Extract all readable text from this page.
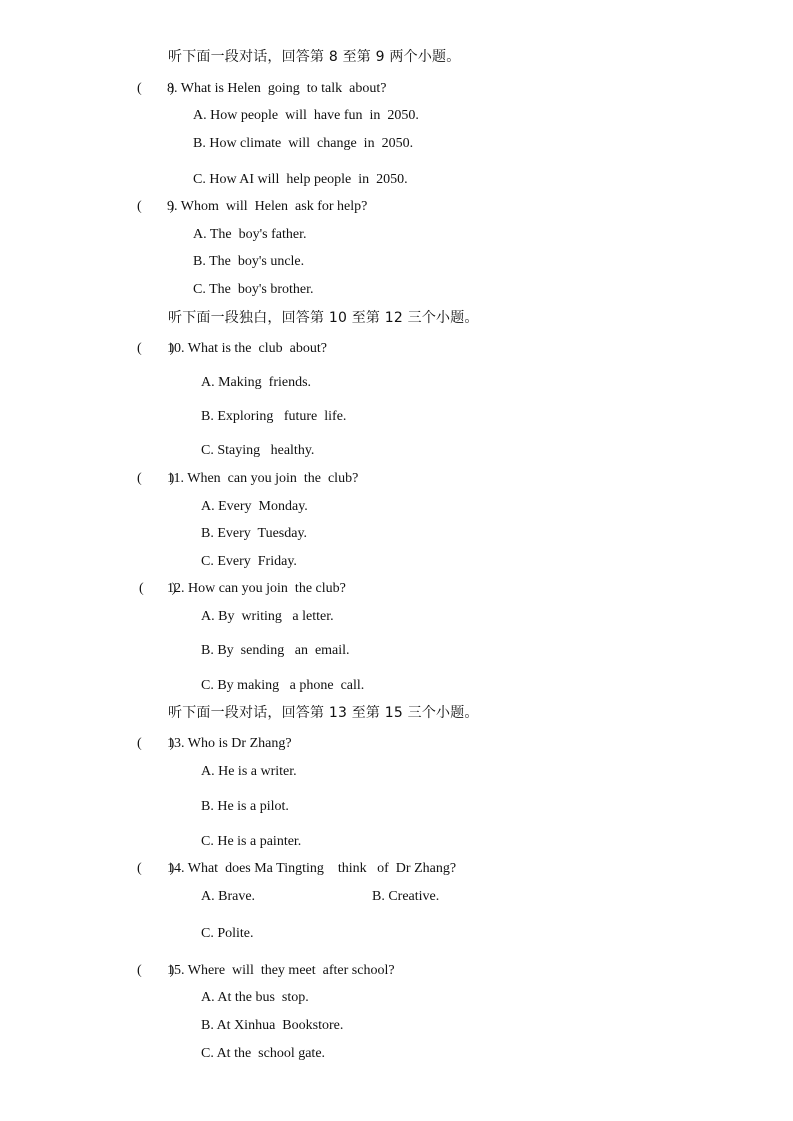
听下面一段对话，回答第 8 至第 9 两个小题。
(        )
8. What is Helen  going  to talk  about?
A. How people  will  have fun  in  2050.
B. How climate  will  change  in  2050.
C. How AI will  help people  in  2050.
(        )
9. Whom  will  Helen  ask for help?
A. The  boy's father.
B. The  boy's uncle.
C. The  boy's brother.
听下面一段独白，回答第 10 至第 12 三个小题。
(        )
10. What is the  club  about?
A. Making  friends.
B. Exploring   future  life.
C. Staying   healthy.
(        )
11. When  can you join  the  club?
A. Every  Monday.
B. Every  Tuesday.
C. Every  Friday.
(        )
12. How can you join  the club?
A. By  writing   a letter.
B. By  sending   an  email.
C. By making   a phone  call.
听下面一段对话，回答第 13 至第 15 三个小题。
(        )
13. Who is Dr Zhang?
A. He is a writer.
B. He is a pilot.
C. He is a painter.
(        )
14. What  does Ma Tingting    think   of  Dr Zhang?
A. Brave.	B. Creative.
C. Polite.
(        )
15. Where  will  they meet  after school?
A. At the bus  stop.
B. At Xinhua  Bookstore.
C. At the  school gate.
